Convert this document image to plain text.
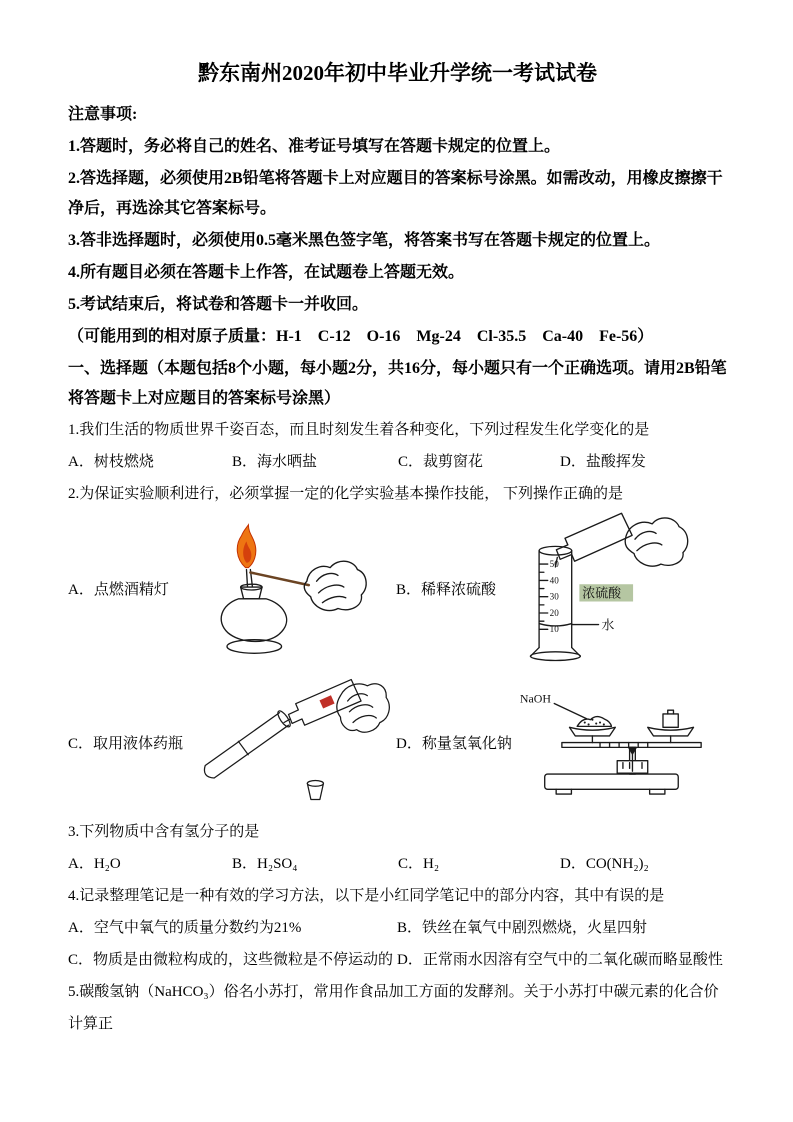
黔东南州2020年初中毕业升学统一考试试卷

注意事项:

1.答题时，务必将自己的姓名、准考证号填写在答题卡规定的位置上。

2.答选择题，必须使用2B铅笔将答题卡上对应题目的答案标号涂黑。如需改动，用橡皮擦擦干净后，再选涂其它答案标号。

3.答非选择题时，必须使用0.5毫米黑色签字笔，将答案书写在答题卡规定的位置上。

4.所有题目必须在答题卡上作答，在试题卷上答题无效。

5.考试结束后，将试卷和答题卡一并收回。

（可能用到的相对原子质量：H-1    C-12    O-16    Mg-24    Cl-35.5    Ca-40    Fe-56）

一、选择题（本题包括8个小题，每小题2分，共16分，每小题只有一个正确选项。请用2B铅笔将答题卡上对应题目的答案标号涂黑）

1.我们生活的物质世界千姿百态，而且时刻发生着各种变化，下列过程发生化学变化的是

A．树枝燃烧	B．海水晒盐	C．裁剪窗花	D．盐酸挥发

2.为保证实验顺利进行，必须掌握一定的化学实验基本操作技能， 下列操作正确的是

A．点燃酒精灯	B．稀释浓硫酸
50
40
30
20
10
浓硫酸
水
C．取用液体药瓶	D．称量氢氧化钠
NaOH

3.下列物质中含有氢分子的是

A．H₂O	B．H₂SO₄	C．H₂	D．CO(NH₂)₂

4.记录整理笔记是一种有效的学习方法，以下是小红同学笔记中的部分内容，其中有误的是

A．空气中氧气的质量分数约为21%	B．铁丝在氧气中剧烈燃烧，火星四射
C．物质是由微粒构成的，这些微粒是不停运动的 D．正常雨水因溶有空气中的二氧化碳而略显酸性

5.碳酸氢钠（NaHCO₃）俗名小苏打，常用作食品加工方面的发酵剂。关于小苏打中碳元素的化合价计算正
